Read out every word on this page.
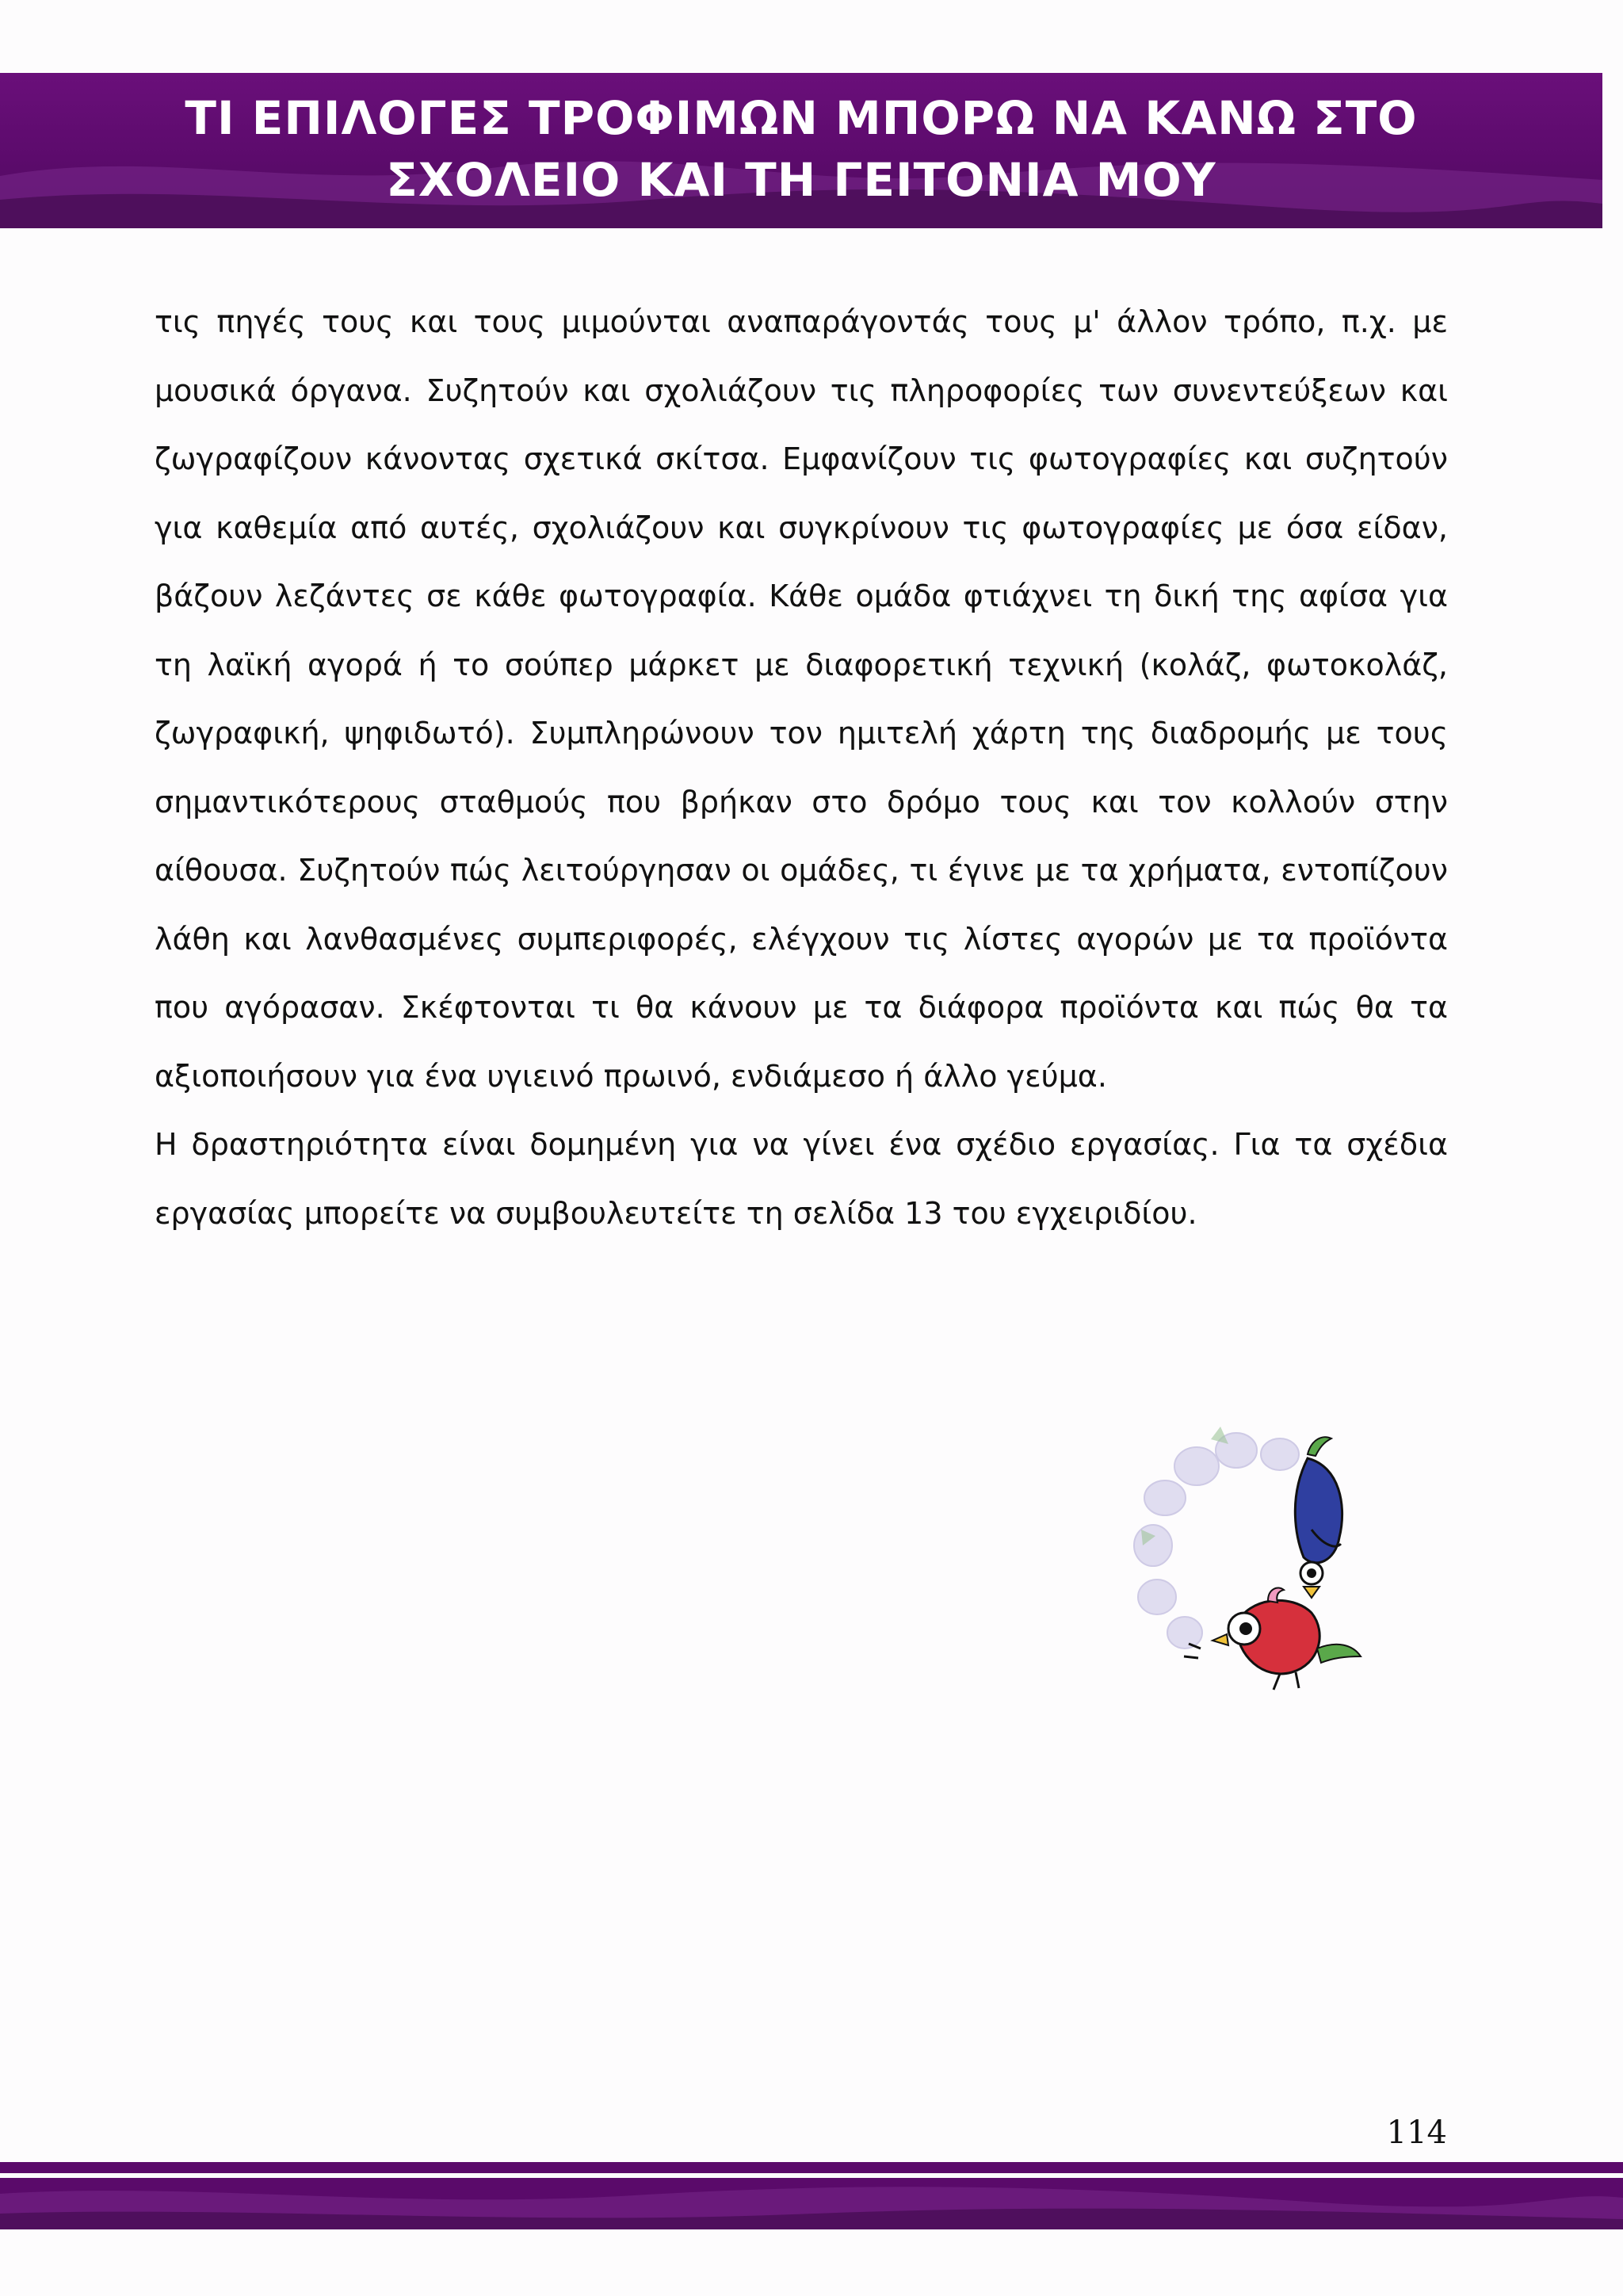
ΤΙ ΕΠΙΛΟΓΕΣ ΤΡΟΦΙΜΩΝ ΜΠΟΡΩ ΝΑ ΚΑΝΩ ΣΤΟ
ΣΧΟΛΕΙΟ ΚΑΙ ΤΗ ΓΕΙΤΟΝΙΑ ΜΟΥ

τις πηγές τους και τους μιμούνται αναπαράγοντάς τους μ' άλλον τρόπο, π.χ. με μουσικά όργανα. Συζητούν και σχολιάζουν τις πληροφορίες των συνεντεύξεων και ζωγραφίζουν κάνοντας σχετικά σκίτσα. Εμφανίζουν τις φωτογραφίες και συζητούν για καθεμία από αυτές, σχολιάζουν και συγκρίνουν τις φωτογραφίες με όσα είδαν, βάζουν λεζάντες σε κάθε φωτογραφία. Κάθε ομάδα φτιάχνει τη δική της αφίσα για τη λαϊκή αγορά ή το σούπερ μάρκετ με διαφορετική τεχνική (κολάζ, φωτοκολάζ, ζωγραφική, ψηφιδωτό). Συμπληρώνουν τον ημιτελή χάρτη της διαδρομής με τους σημαντικότερους σταθμούς που βρήκαν στο δρόμο τους και τον κολλούν στην αίθουσα. Συζητούν πώς λειτούργησαν οι ομάδες, τι έγινε με τα χρήματα, εντοπίζουν λάθη και λανθασμένες συμπεριφορές, ελέγχουν τις λίστες αγορών με τα προϊόντα που αγόρασαν. Σκέφτονται τι θα κάνουν με τα διάφορα προϊόντα και πώς θα τα αξιοποιήσουν για ένα υγιεινό πρωινό, ενδιάμεσο ή άλλο γεύμα.

Η δραστηριότητα είναι δομημένη για να γίνει ένα σχέδιο εργασίας. Για τα σχέδια εργασίας μπορείτε να συμβουλευτείτε τη σελίδα 13 του εγχειριδίου.

114
